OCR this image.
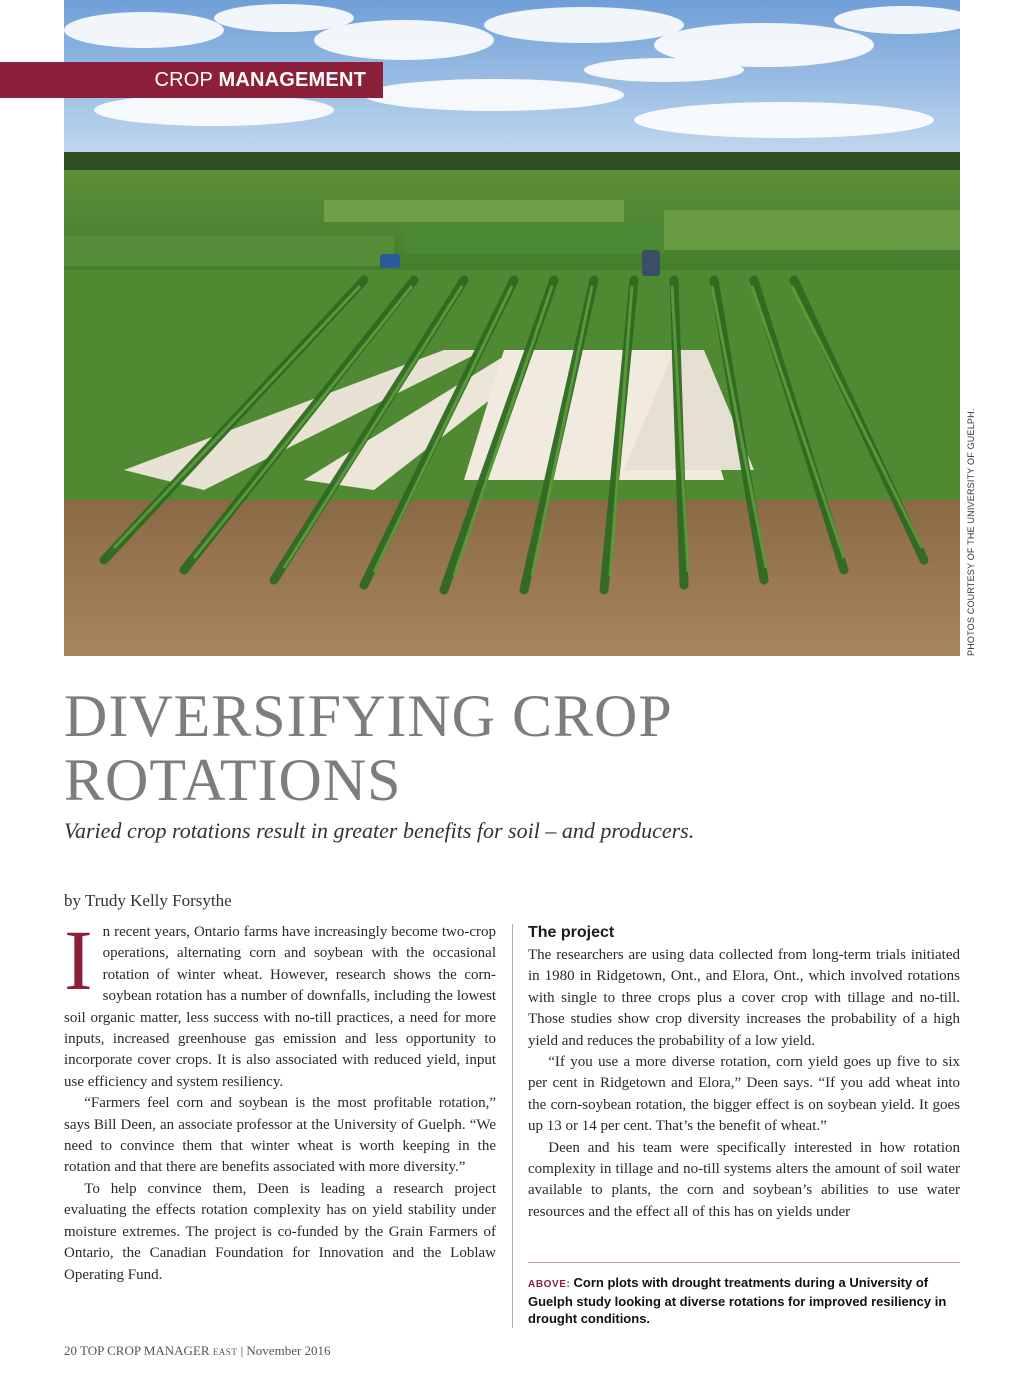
CROP MANAGEMENT
PHOTOS COURTESY OF THE UNIVERSITY OF GUELPH.
DIVERSIFYING CROP
ROTATIONS

Varied crop rotations result in greater benefits for soil – and producers.

by Trudy Kelly Forsythe
I n recent years, Ontario farms have increasingly become two-crop operations, alternating corn and soybean with the occasional rotation of winter wheat. However, research shows the corn-soybean rotation has a number of downfalls, including the lowest soil organic matter, less success with no-till practices, a need for more inputs, increased greenhouse gas emission and less opportunity to incorporate cover crops. It is also associated with reduced yield, input use efficiency and system resiliency.

“Farmers feel corn and soybean is the most profitable rotation,” says Bill Deen, an associate professor at the University of Guelph. “We need to convince them that winter wheat is worth keeping in the rotation and that there are benefits associated with more diversity.”

To help convince them, Deen is leading a research project evaluating the effects rotation complexity has on yield stability under moisture extremes. The project is co-funded by the Grain Farmers of Ontario, the Canadian Foundation for Innovation and the Loblaw Operating Fund.

The project

The researchers are using data collected from long-term trials initiated in 1980 in Ridgetown, Ont., and Elora, Ont., which involved rotations with single to three crops plus a cover crop with tillage and no-till. Those studies show crop diversity increases the probability of a high yield and reduces the probability of a low yield.

“If you use a more diverse rotation, corn yield goes up five to six per cent in Ridgetown and Elora,” Deen says. “If you add wheat into the corn-soybean rotation, the bigger effect is on soybean yield. It goes up 13 or 14 per cent. That’s the benefit of wheat.”

Deen and his team were specifically interested in how rotation complexity in tillage and no-till systems alters the amount of soil water available to plants, the corn and soybean’s abilities to use water resources and the effect all of this has on yields under

ABOVE: Corn plots with drought treatments during a University of Guelph study looking at diverse rotations for improved resiliency in drought conditions.
20 TOP CROP MANAGER EAST | November 2016
